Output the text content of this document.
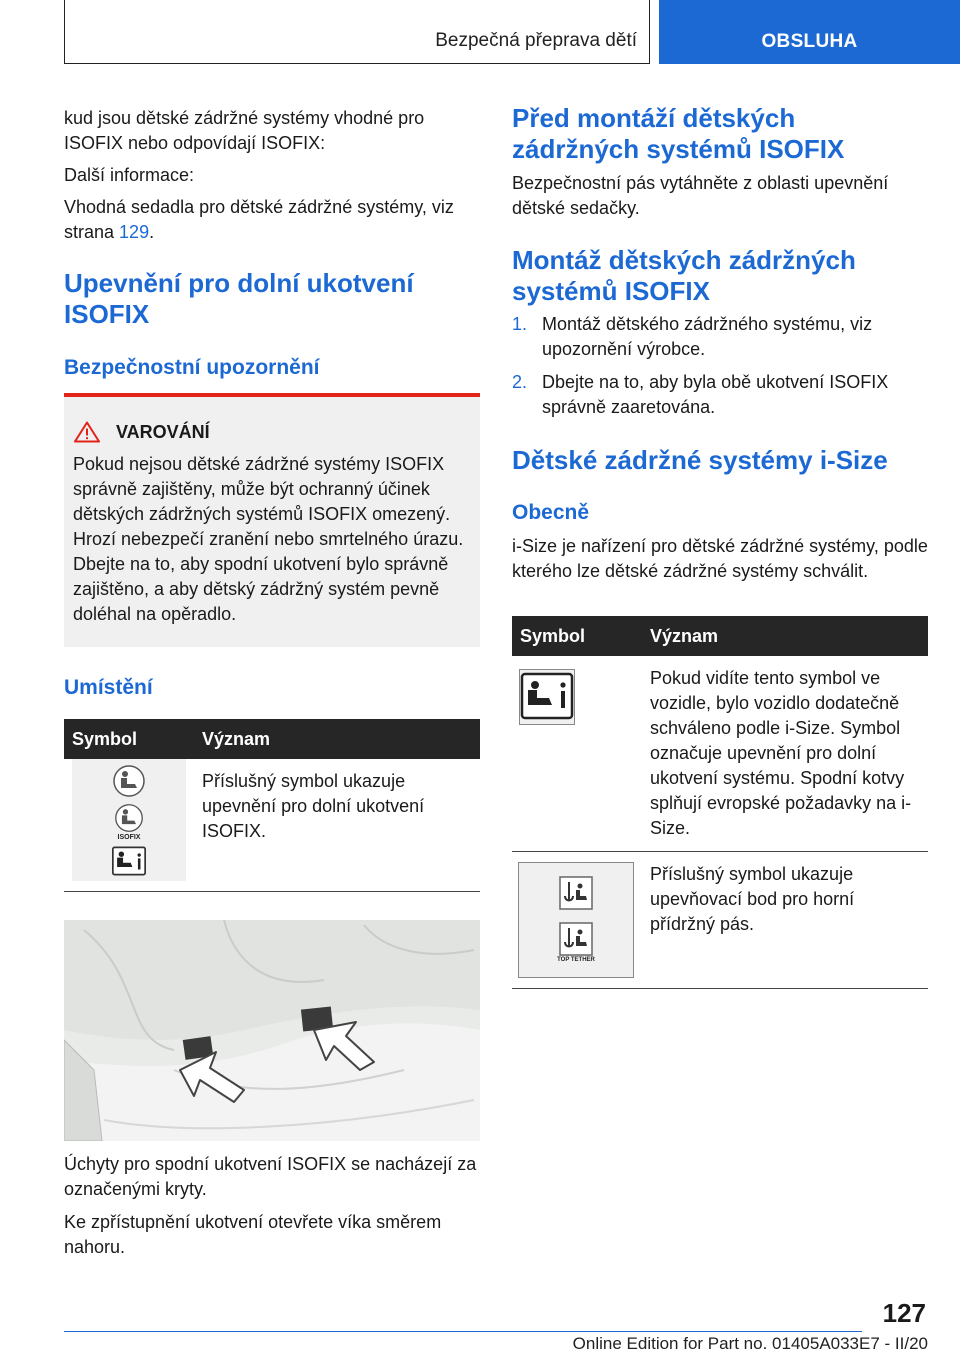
Bezpečná přeprava dětí	OBSLUHA

kud jsou dětské zádržné systémy vhodné pro ISOFIX nebo odpovídají ISOFIX:

Další informace:

Vhodná sedadla pro dětské zádržné systémy, viz strana 129.

Upevnění pro dolní ukotvení ISOFIX
Bezpečnostní upozornění
VAROVÁNÍ

Pokud nejsou dětské zádržné systémy ISOFIX správně zajištěny, může být ochranný účinek dětských zádržných systémů ISOFIX omezený. Hrozí nebezpečí zranění nebo smrtelného úrazu. Dbejte na to, aby spodní ukotvení bylo správně zajištěno, a aby dětský zádržný systém pevně doléhal na opěradlo.

Umístění
Symbol	Význam

ISOFIX	Příslušný symbol ukazuje upevnění pro dolní ukotvení ISOFIX.

Úchyty pro spodní ukotvení ISOFIX se nacházejí za označenými kryty.

Ke zpřístupnění ukotvení otevřete víka směrem nahoru.

Před montáží dětských zádržných systémů ISOFIX

Bezpečnostní pás vytáhněte z oblasti upevnění dětské sedačky.

Montáž dětských zádržných systémů ISOFIX
1. Montáž dětského zádržného systému, viz upozornění výrobce.
2. Dbejte na to, aby byla obě ukotvení ISOFIX správně zaaretována.
Dětské zádržné systémy i-Size
Obecně

i-Size je nařízení pro dětské zádržné systémy, podle kterého lze dětské zádržné systémy schválit.

Symbol	Význam
	Pokud vidíte tento symbol ve vozidle, bylo vozidlo dodatečně schváleno podle i-Size. Symbol označuje upevnění pro dolní ukotvení systému. Spodní kotvy splňují evropské požadavky na i-Size.

TOP TETHER	Příslušný symbol ukazuje upevňovací bod pro horní přídržný pás.
127
Online Edition for Part no. 01405A033E7 - II/20
